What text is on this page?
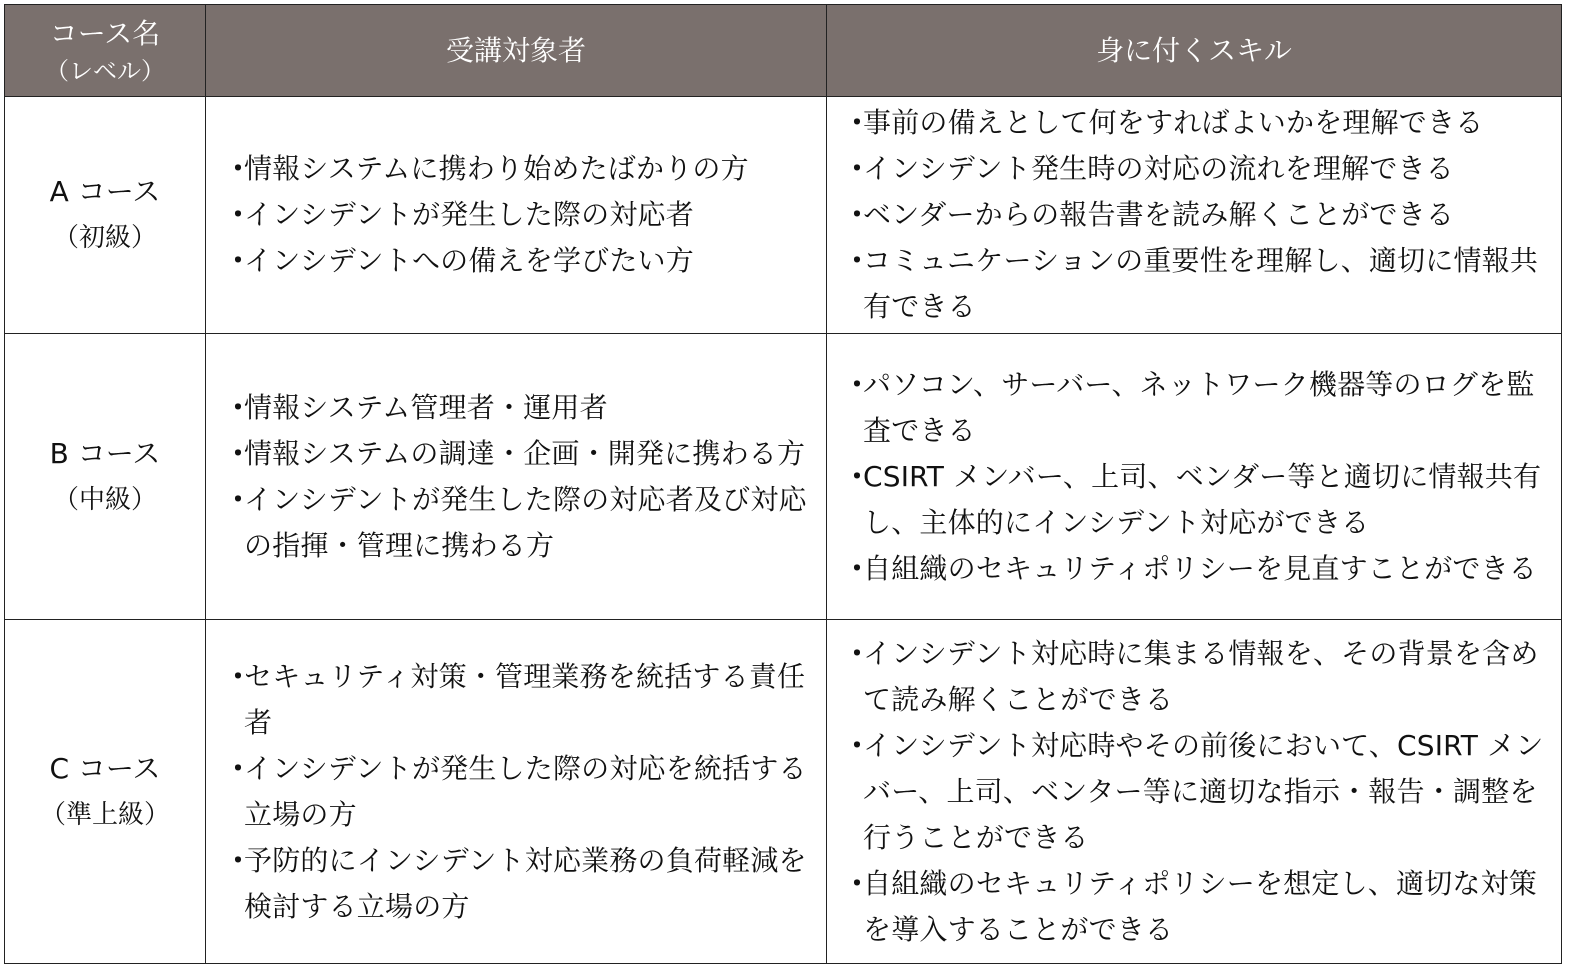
コース名
（レベル）
受講対象者	身に付くスキル
A コース
（初級）
・情報システムに携わり始めたばかりの方
・インシデントが発生した際の対応者
・インシデントへの備えを学びたい方
・事前の備えとして何をすればよいかを理解できる
・インシデント発生時の対応の流れを理解できる
・ベンダーからの報告書を読み解くことができる
・コミュニケーションの重要性を理解し、適切に情報共有できる
B コース
（中級）
・情報システム管理者・運用者
・情報システムの調達・企画・開発に携わる方
・インシデントが発生した際の対応者及び対応の指揮・管理に携わる方
・パソコン、サーバー、ネットワーク機器等のログを監査できる
・CSIRT メンバー、上司、ベンダー等と適切に情報共有し、主体的にインシデント対応ができる
・自組織のセキュリティポリシーを見直すことができる
C コース
（準上級）
・セキュリティ対策・管理業務を統括する責任者
・インシデントが発生した際の対応を統括する立場の方
・予防的にインシデント対応業務の負荷軽減を検討する立場の方
・インシデント対応時に集まる情報を、その背景を含めて読み解くことができる
・インシデント対応時やその前後において、CSIRT メンバー、上司、ベンター等に適切な指示・報告・調整を行うことができる
・自組織のセキュリティポリシーを想定し、適切な対策を導入することができる
